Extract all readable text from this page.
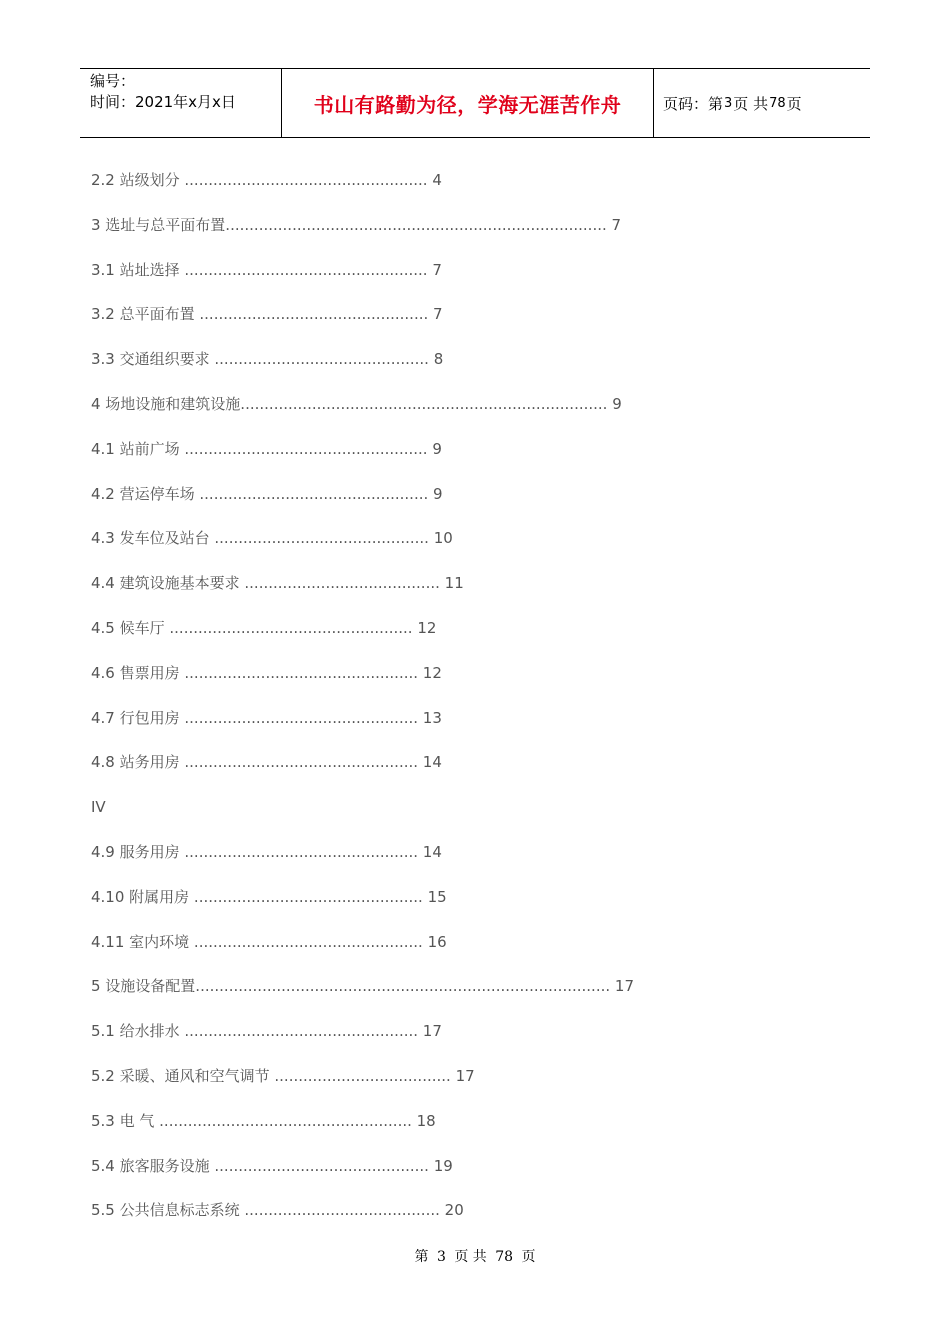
编号：
时间：2021年x月x日	书山有路勤为径，学海无涯苦作舟	页码：第 3 页 共 78 页
2.2 站级划分 ................................................... 4
3 选址与总平面布置................................................................................ 7
3.1 站址选择 ................................................... 7
3.2 总平面布置 ................................................ 7
3.3 交通组织要求 ............................................. 8
4 场地设施和建筑设施............................................................................. 9
4.1 站前广场 ................................................... 9
4.2 营运停车场 ................................................ 9
4.3 发车位及站台 ............................................. 10
4.4 建筑设施基本要求 ......................................... 11
4.5 候车厅 ................................................... 12
4.6 售票用房 ................................................. 12
4.7 行包用房 ................................................. 13
4.8 站务用房 ................................................. 14
IV
4.9 服务用房 ................................................. 14
4.10 附属用房 ................................................ 15
4.11 室内环境 ................................................ 16
5 设施设备配置....................................................................................... 17
5.1 给水排水 ................................................. 17
5.2 采暖、通风和空气调节 ..................................... 17
5.3 电 气 ..................................................... 18
5.4 旅客服务设施 ............................................. 19
5.5 公共信息标志系统 ......................................... 20
第 3 页 共 78 页
